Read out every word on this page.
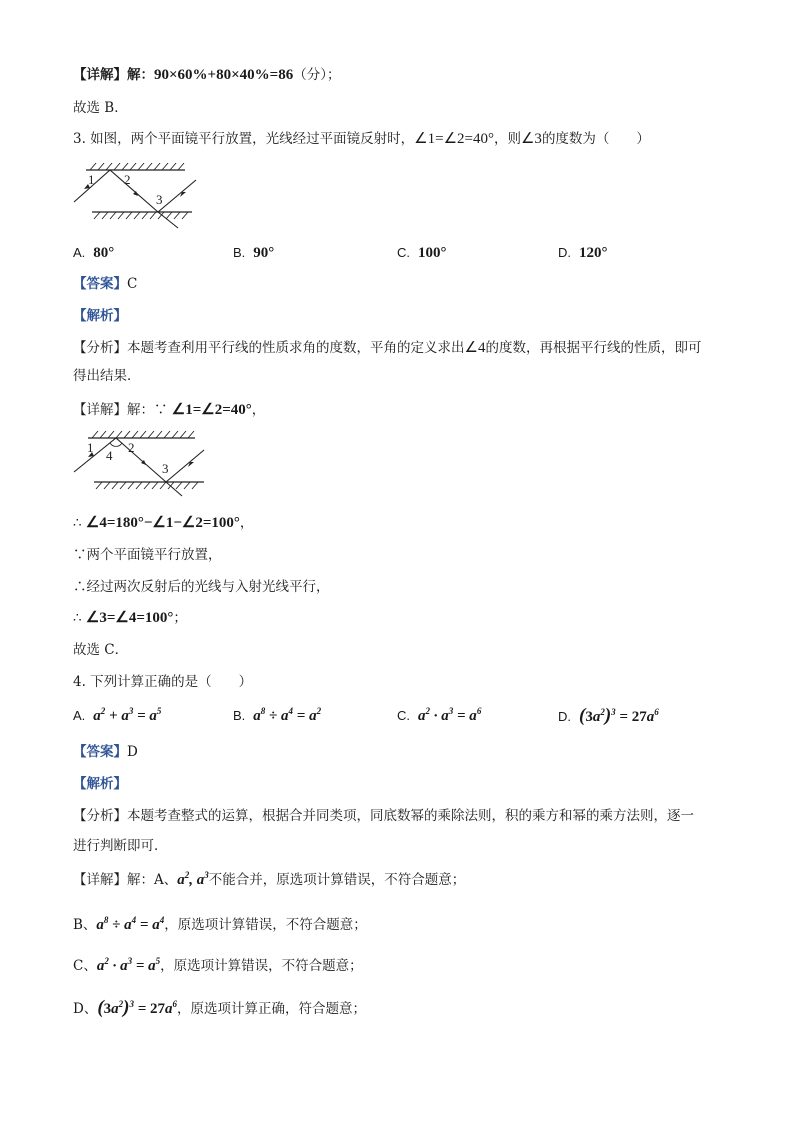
【详解】解：90×60%+80×40%=86（分）；
故选 B．
3. 如图，两个平面镜平行放置，光线经过平面镜反射时，∠1=∠2=40°，则∠3的度数为（　　）
1 2
3
A. 80°	B. 90°	C. 100°	D. 120°
【答案】C
【解析】
【分析】本题考查利用平行线的性质求角的度数，平角的定义求出∠4的度数，再根据平行线的性质，即可
得出结果．
【详解】解：∵ ∠1=∠2=40°，
1
4
2
3
∴ ∠4=180°−∠1−∠2=100°，
∵两个平面镜平行放置，
∴经过两次反射后的光线与入射光线平行，
∴ ∠3=∠4=100°；
故选 C．
4. 下列计算正确的是（　　）
A. $a^2 + a^3 = a^5$	B. $a^8 \div a^4 = a^2$	C. $a^2 \cdot a^3 = a^6$	D. $(3a^2)^3 = 27a^6$
【答案】D
【解析】
【分析】本题考查整式的运算，根据合并同类项，同底数幂的乘除法则，积的乘方和幂的乘方法则，逐一
进行判断即可．
【详解】解：A、$a^2$, $a^3$不能合并，原选项计算错误，不符合题意；
B、$a^8 \div a^4 = a^4$，原选项计算错误，不符合题意；
C、$a^2 \cdot a^3 = a^5$，原选项计算错误，不符合题意；
D、$(3a^2)^3 = 27a^6$，原选项计算正确，符合题意；
